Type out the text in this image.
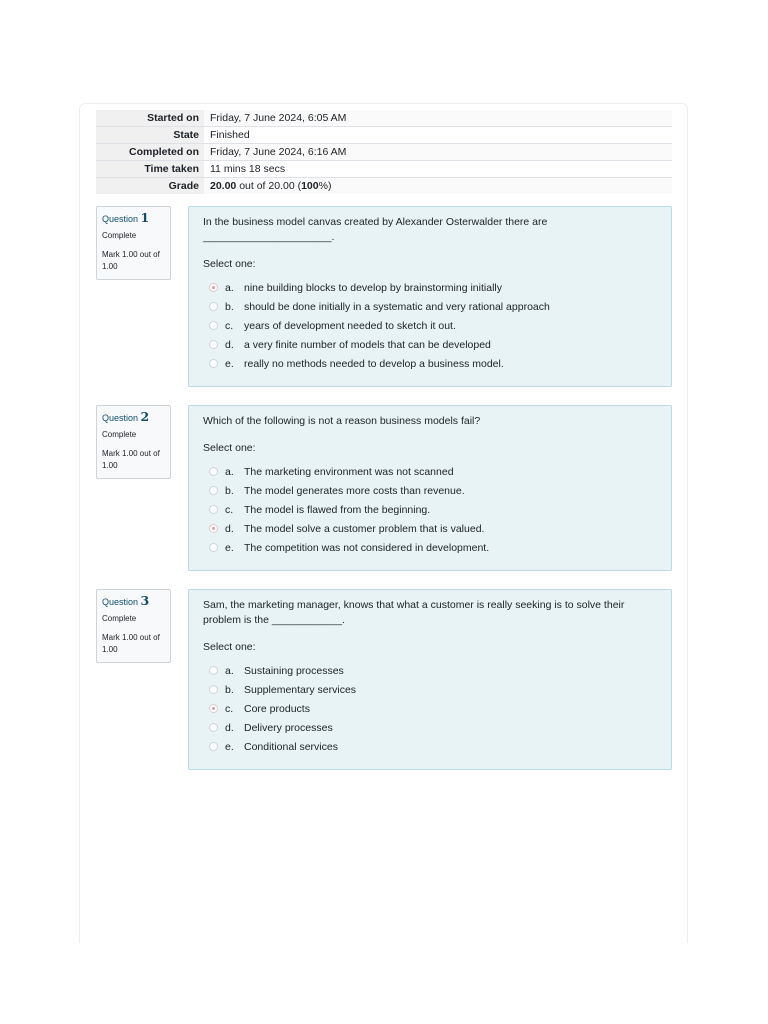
Started on	Friday, 7 June 2024, 6:05 AM
State	Finished
Completed on	Friday, 7 June 2024, 6:16 AM
Time taken	11 mins 18 secs
Grade	20.00 out of 20.00 (100%)
Question 1
Complete
Mark 1.00 out of 1.00
In the business model canvas created by Alexander Osterwalder there are ______________________.
Select one:
a. nine building blocks to develop by brainstorming initially
b. should be done initially in a systematic and very rational approach
c.	years of development needed to sketch it out.
d. a very finite number of models that can be developed
e. really no methods needed to develop a business model.
Question 2
Complete
Mark 1.00 out of 1.00
Which of the following is not a reason business models fail?
Select one:
a. The marketing environment was not scanned
b. The model generates more costs than revenue.
c.	The model is flawed from the beginning.
d. The model solve a customer problem that is valued.
e. The competition was not considered in development.
Question 3
Complete
Mark 1.00 out of 1.00
Sam, the marketing manager, knows that what a customer is really seeking is to solve their problem is the ____________.
Select one:
a. Sustaining processes
b. Supplementary services
c.	Core products
d. Delivery processes
e. Conditional services
